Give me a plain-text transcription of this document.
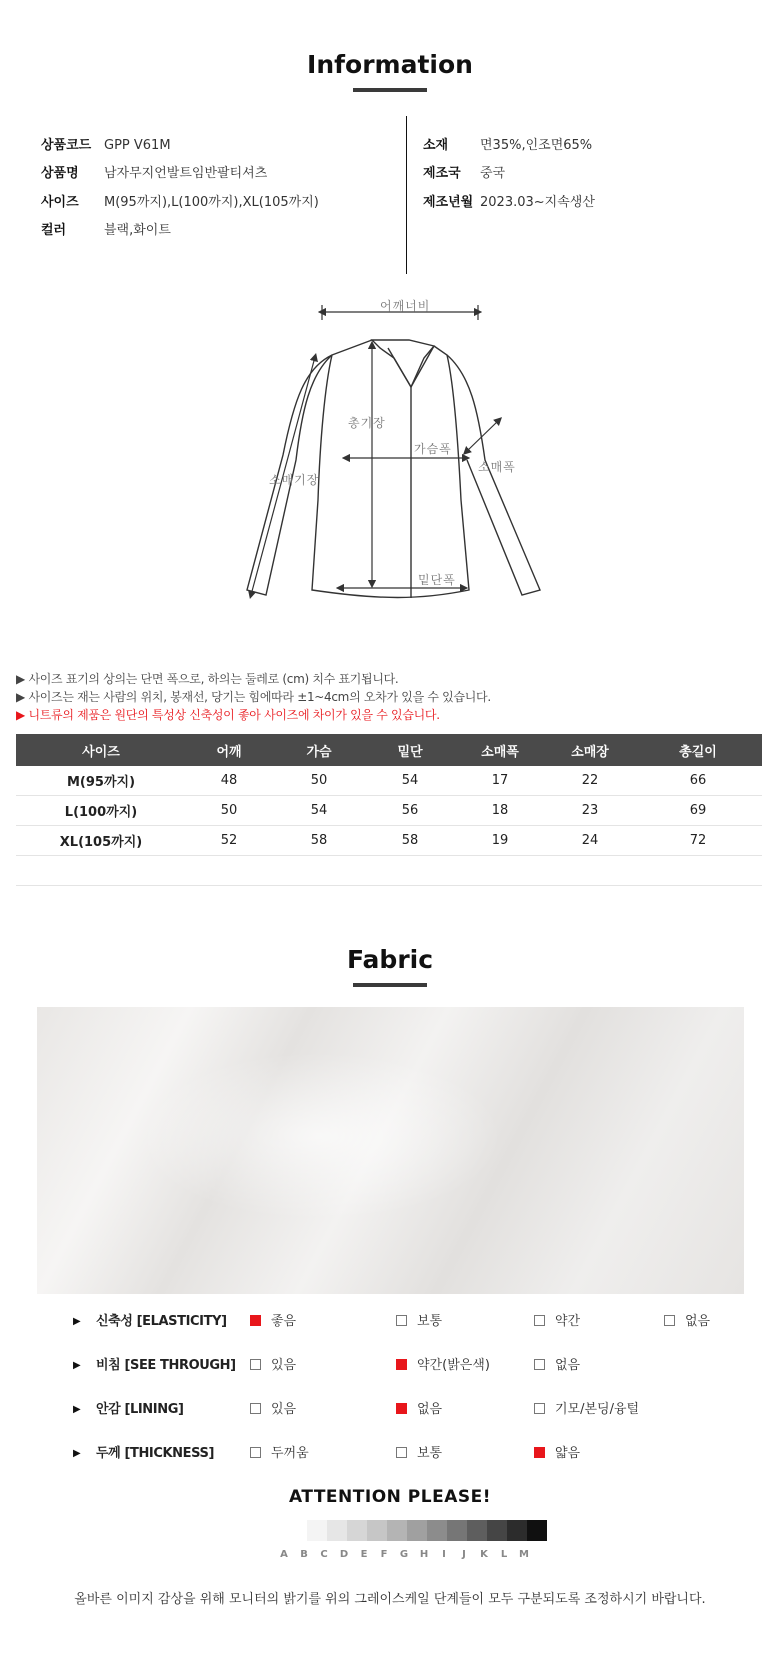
Information
상품코드 GPP V61M
상품명 남자무지언발트임반팔티셔츠
사이즈 M(95까지),L(100까지),XL(105까지)
컬러	블랙,화이트
소재 면35%,인조면65%
제조국 중국
제조년월 2023.03~지속생산
어깨너비
총기장
가슴폭
소매폭
소매기장
밑단폭
▶ 사이즈 표기의 상의는 단면 폭으로, 하의는 둘레로 (cm) 치수 표기됩니다.
▶ 사이즈는 재는 사람의 위치, 봉재선, 당기는 힘에따라 ±1~4cm의 오차가 있을 수 있습니다.
▶ 니트류의 제품은 원단의 특성상 신축성이 좋아 사이즈에 차이가 있을 수 있습니다.
사이즈	어깨	가슴	밑단	소매폭	소매장	총길이
M(95까지)	48	50	54	17	22	66
L(100까지)	50	54	56	18	23	69
XL(105까지)	52	58	58	19	24	72

Fabric
▶ 신축성 [ELASTICITY]	좋음	보통	약간	없음
▶ 비침 [SEE THROUGH]	있음	약간(밝은색)	없음
▶ 안감 [LINING]	있음	없음	기모/본딩/융털
▶ 두께 [THICKNESS]	두꺼움	보통	얇음
ATTENTION PLEASE!
A	B	C	D	E	F	G	H	I	J	K	L	M
올바른 이미지 감상을 위해 모니터의 밝기를 위의 그레이스케일 단계들이 모두 구분되도록 조정하시기 바랍니다.
